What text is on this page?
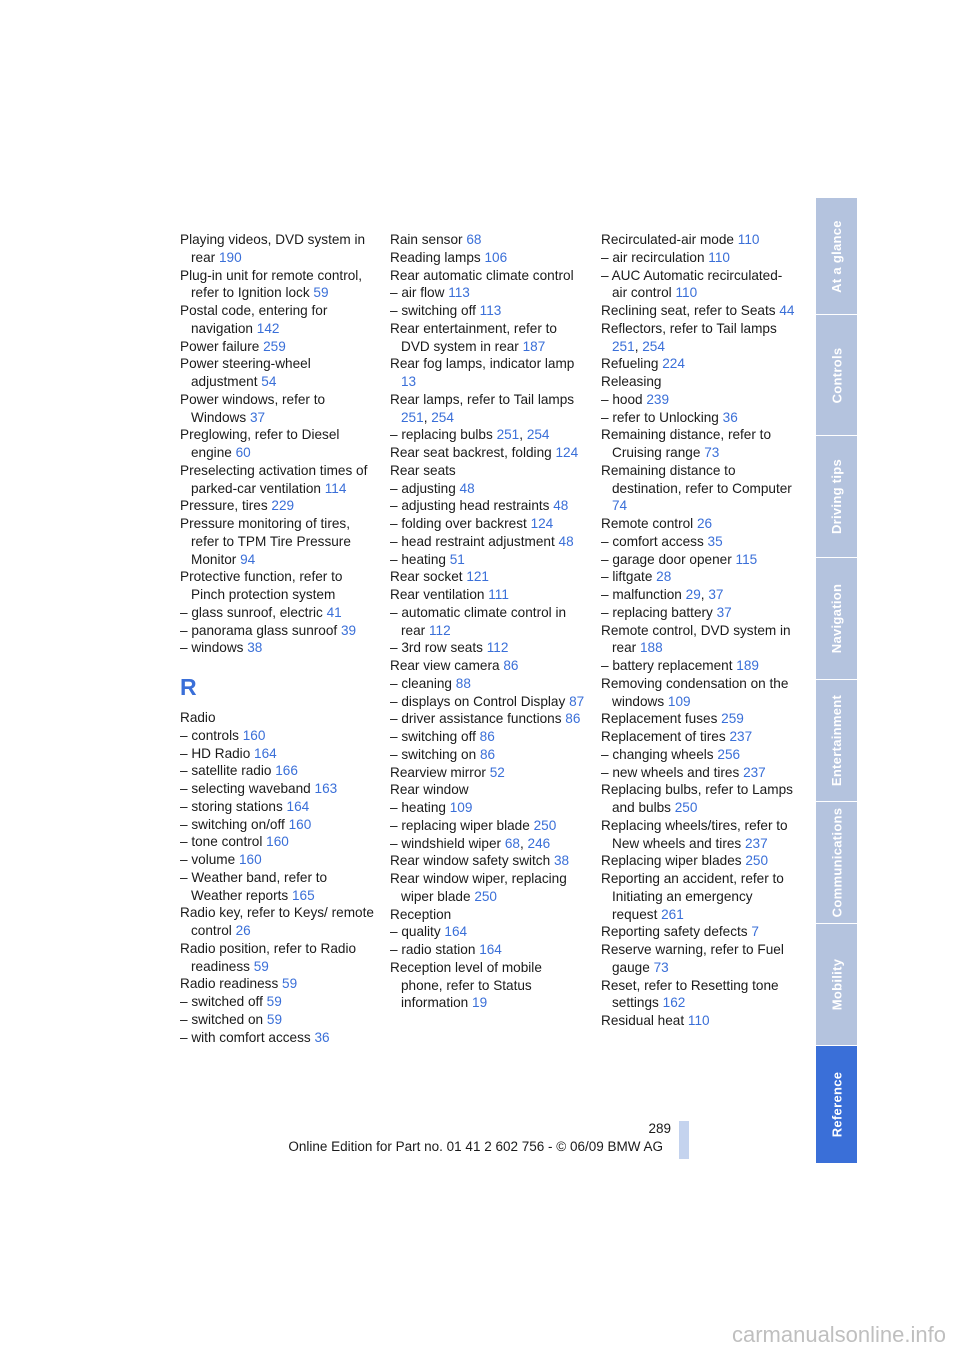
Playing videos, DVD system in rear 190
Plug-in unit for remote control, refer to Ignition lock 59
Postal code, entering for navigation 142
Power failure 259
Power steering-wheel adjustment 54
Power windows, refer to Windows 37
Preglowing, refer to Diesel engine 60
Preselecting activation times of parked-car ventilation 114
Pressure, tires 229
Pressure monitoring of tires, refer to TPM Tire Pressure Monitor 94
Protective function, refer to Pinch protection system
– glass sunroof, electric 41
– panorama glass sunroof 39
– windows 38
R
Radio
– controls 160
– HD Radio 164
– satellite radio 166
– selecting waveband 163
– storing stations 164
– switching on/off 160
– tone control 160
– volume 160
– Weather band, refer to Weather reports 165
Radio key, refer to Keys/ remote control 26
Radio position, refer to Radio readiness 59
Radio readiness 59
– switched off 59
– switched on 59
– with comfort access 36
Rain sensor 68
Reading lamps 106
Rear automatic climate control
– air flow 113
– switching off 113
Rear entertainment, refer to DVD system in rear 187
Rear fog lamps, indicator lamp 13
Rear lamps, refer to Tail lamps 251, 254
– replacing bulbs 251, 254
Rear seat backrest, folding 124
Rear seats
– adjusting 48
– adjusting head restraints 48
– folding over backrest 124
– head restraint adjustment 48
– heating 51
Rear socket 121
Rear ventilation 111
– automatic climate control in rear 112
– 3rd row seats 112
Rear view camera 86
– cleaning 88
– displays on Control Display 87
– driver assistance functions 86
– switching off 86
– switching on 86
Rearview mirror 52
Rear window
– heating 109
– replacing wiper blade 250
– windshield wiper 68, 246
Rear window safety switch 38
Rear window wiper, replacing wiper blade 250
Reception
– quality 164
– radio station 164
Reception level of mobile phone, refer to Status information 19
Recirculated-air mode 110
– air recirculation 110
– AUC Automatic recirculated-air control 110
Reclining seat, refer to Seats 44
Reflectors, refer to Tail lamps 251, 254
Refueling 224
Releasing
– hood 239
– refer to Unlocking 36
Remaining distance, refer to Cruising range 73
Remaining distance to destination, refer to Computer 74
Remote control 26
– comfort access 35
– garage door opener 115
– liftgate 28
– malfunction 29, 37
– replacing battery 37
Remote control, DVD system in rear 188
– battery replacement 189
Removing condensation on the windows 109
Replacement fuses 259
Replacement of tires 237
– changing wheels 256
– new wheels and tires 237
Replacing bulbs, refer to Lamps and bulbs 250
Replacing wheels/tires, refer to New wheels and tires 237
Replacing wiper blades 250
Reporting an accident, refer to Initiating an emergency request 261
Reporting safety defects 7
Reserve warning, refer to Fuel gauge 73
Reset, refer to Resetting tone settings 162
Residual heat 110
At a glance
Controls
Driving tips
Navigation
Entertainment
Communications
Mobility
Reference
289
Online Edition for Part no. 01 41 2 602 756 - © 06/09 BMW AG
carmanualsonline.info
